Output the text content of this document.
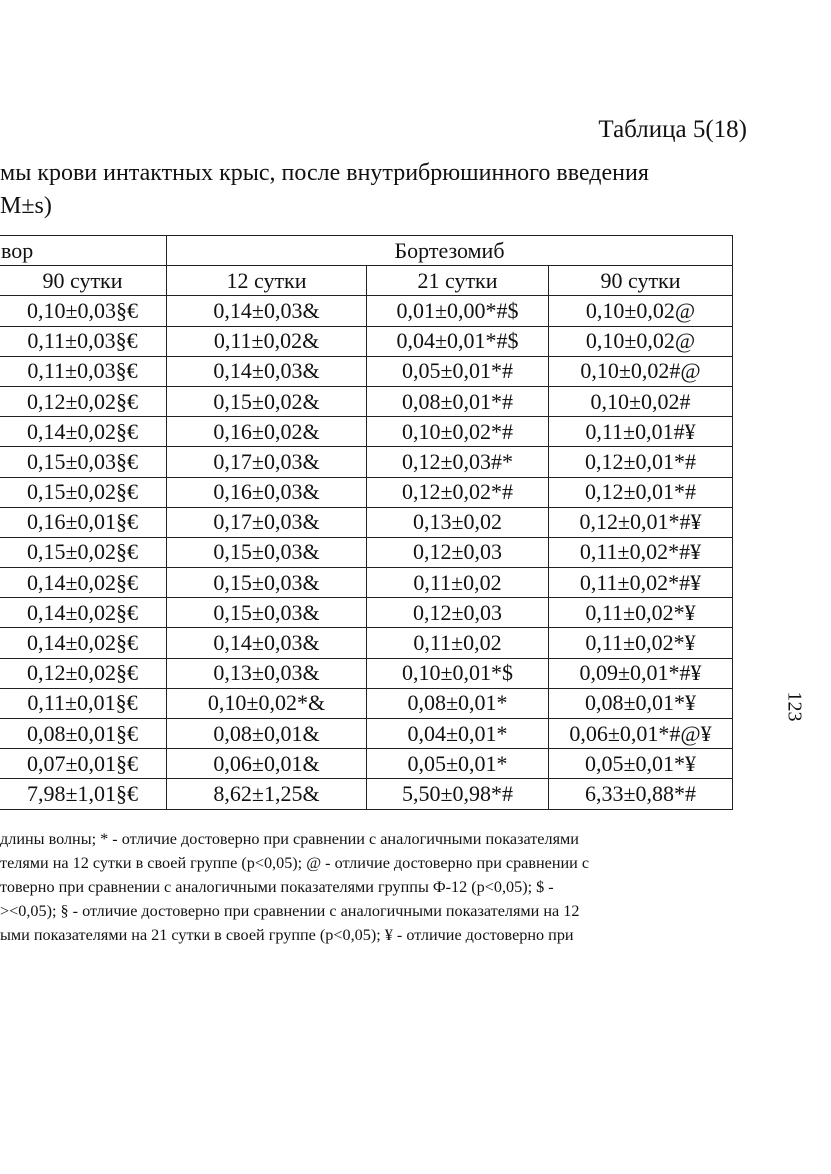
Таблица 5(18)
мы крови интактных крыс, после внутрибрюшинного введения
M±s)
вор	Бортезомиб		
90 сутки	12 сутки	21 сутки	90 сутки
0,10±0,03§€	0,14±0,03&	0,01±0,00*#$	0,10±0,02@
0,11±0,03§€	0,11±0,02&	0,04±0,01*#$	0,10±0,02@
0,11±0,03§€	0,14±0,03&	0,05±0,01*#	0,10±0,02#@
0,12±0,02§€	0,15±0,02&	0,08±0,01*#	0,10±0,02#
0,14±0,02§€	0,16±0,02&	0,10±0,02*#	0,11±0,01#¥
0,15±0,03§€	0,17±0,03&	0,12±0,03#*	0,12±0,01*#
0,15±0,02§€	0,16±0,03&	0,12±0,02*#	0,12±0,01*#
0,16±0,01§€	0,17±0,03&	0,13±0,02	0,12±0,01*#¥
0,15±0,02§€	0,15±0,03&	0,12±0,03	0,11±0,02*#¥
0,14±0,02§€	0,15±0,03&	0,11±0,02	0,11±0,02*#¥
0,14±0,02§€	0,15±0,03&	0,12±0,03	0,11±0,02*¥
0,14±0,02§€	0,14±0,03&	0,11±0,02	0,11±0,02*¥
0,12±0,02§€	0,13±0,03&	0,10±0,01*$	0,09±0,01*#¥
0,11±0,01§€	0,10±0,02*&	0,08±0,01*	0,08±0,01*¥
0,08±0,01§€	0,08±0,01&	0,04±0,01*	0,06±0,01*#@¥
0,07±0,01§€	0,06±0,01&	0,05±0,01*	0,05±0,01*¥
7,98±1,01§€	8,62±1,25&	5,50±0,98*#	6,33±0,88*#
длины волны; * - отличие достоверно при сравнении с аналогичными показателями
телями на 12 сутки в своей группе (p<0,05); @ - отличие достоверно при сравнении с
товерно при сравнении с аналогичными показателями группы Ф-12 (p<0,05); $ -
><0,05); § - отличие достоверно при сравнении с аналогичными показателями на 12
ыми показателями на 21 сутки в своей группе (p<0,05); ¥ - отличие достоверно при
123
